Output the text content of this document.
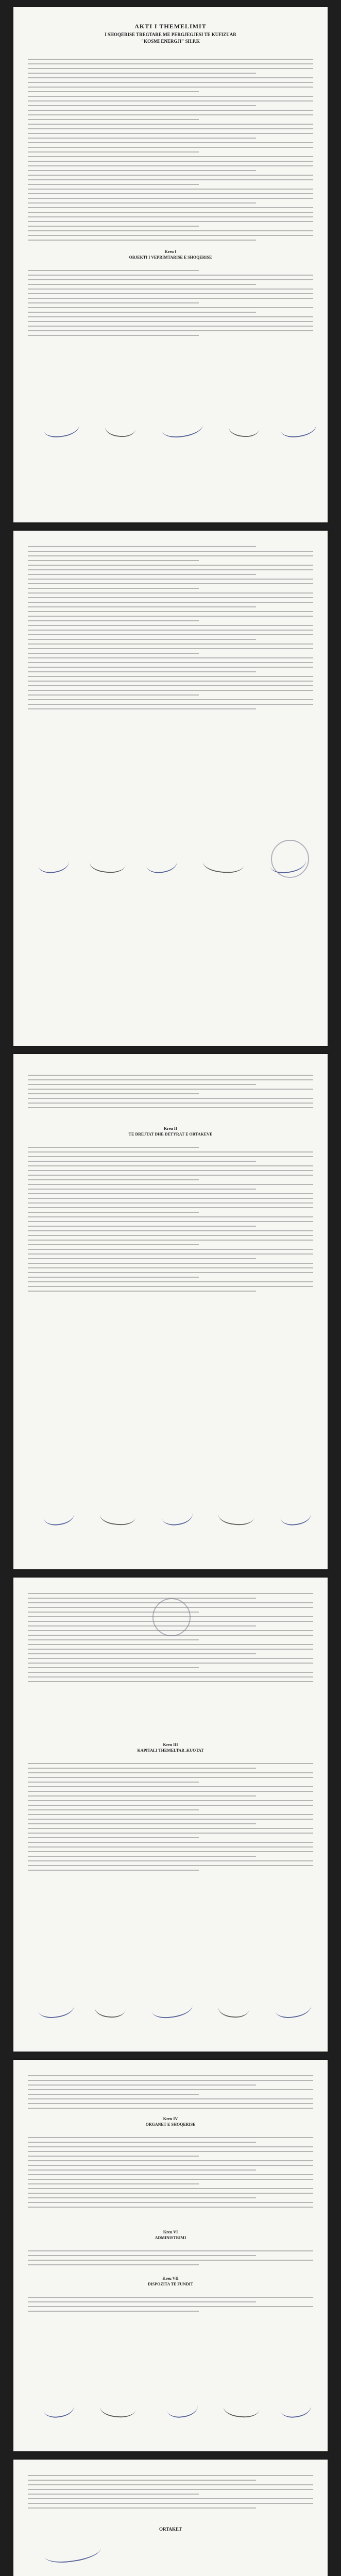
AKTI I THEMELIMIT

I SHOQERISE TREGTARE ME PERGJEGJESI TE KUFIZUAR

"KOSMI ENERGJI" SH.P.K

Kreu I

OBJEKTI I VEPRIMTARISE E SHOQERISE

Kreu II

TE DREJTAT DHE DETYRAT E ORTAKEVE

Kreu III

KAPITALI THEMELTAR ,KUOTAT

Kreu IV

ORGANET E SHOQERISE

Kreu VI

ADMINISTRIMI

Kreu VII

DISPOZITA TE FUNDIT

ORTAKET
